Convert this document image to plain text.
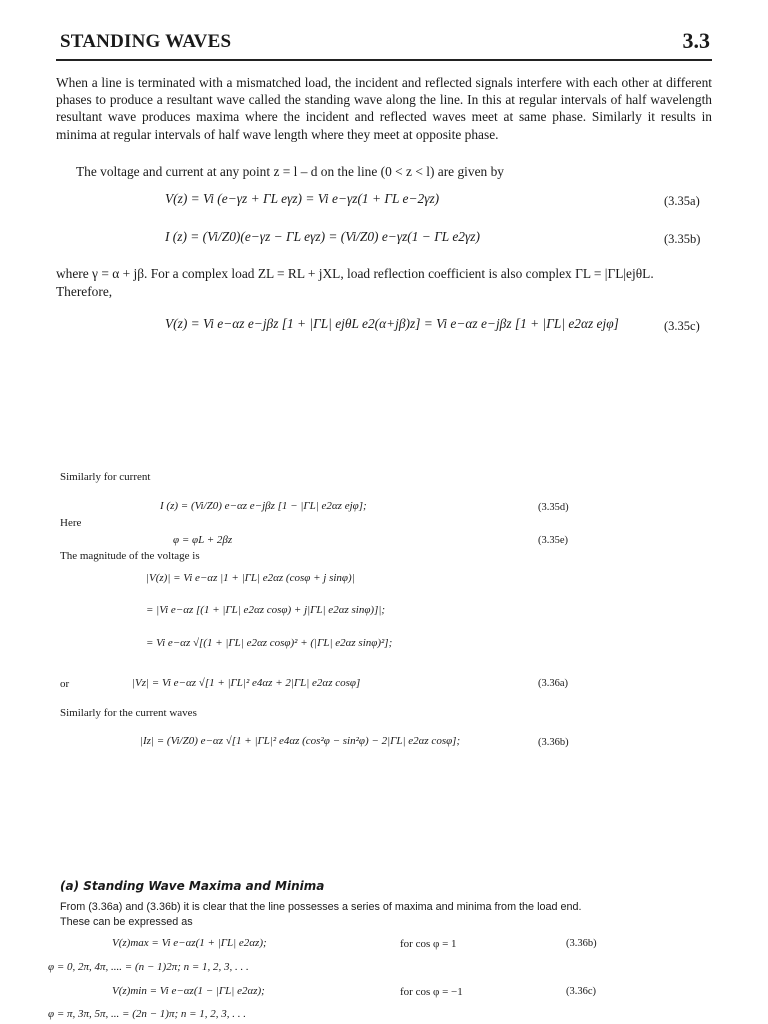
STANDING WAVES	3.3
When a line is terminated with a mismatched load, the incident and reflected signals interfere with each other at different phases to produce a resultant wave called the standing wave along the line. In this at regular intervals of half wavelength resultant wave produces maxima where the incident and reflected waves meet at same phase. Similarly it results in minima at regular intervals of half wave length where they meet at opposite phase.
The voltage and current at any point z = l – d on the line (0 < z < l) are given by
V(z) = Vi (e−γz + ΓL eγz) = Vi e−γz(1 + ΓL e−2γz)	(3.35a)
I (z) = (Vi/Z0)(e−γz − ΓL eγz) = (Vi/Z0) e−γz(1 − ΓL e2γz)	(3.35b)
where γ = α + jβ. For a complex load ZL = RL + jXL, load reflection coefficient is also complex ΓL = |ΓL|ejθL.
Therefore,
V(z) = Vi e−αz e−jβz [1 + |ΓL| ejθL e2(α+jβ)z] = Vi e−αz e−jβz [1 + |ΓL| e2αz ejφ]	(3.35c)
Similarly for current
I (z) = (Vi/Z0) e−αz e−jβz [1 − |ΓL| e2αz ejφ];	(3.35d)
Here
φ = φL + 2βz	(3.35e)
The magnitude of the voltage is
|V(z)| = Vi e−αz |1 + |ΓL| e2αz (cosφ + j sinφ)|
= |Vi e−αz [(1 + |ΓL| e2αz cosφ) + j|ΓL| e2αz sinφ)]|;
= Vi e−αz √[(1 + |ΓL| e2αz cosφ)² + (|ΓL| e2αz sinφ)²];
or	|Vz| = Vi e−αz √[1 + |ΓL|² e4αz + 2|ΓL| e2αz cosφ]	(3.36a)
Similarly for the current waves
|Iz| = (Vi/Z0) e−αz √[1 + |ΓL|² e4αz (cos²φ − sin²φ) − 2|ΓL| e2αz cosφ];	(3.36b)
(a) Standing Wave Maxima and Minima
From (3.36a) and (3.36b) it is clear that the line possesses a series of maxima and minima from the load end.
These can be expressed as
V(z)max = Vi e−αz(1 + |ΓL| e2αz);	for cos φ = 1	(3.36b)
φ = 0, 2π, 4π, .... = (n − 1)2π; n = 1, 2, 3, . . .
V(z)min = Vi e−αz(1 − |ΓL| e2αz);	for cos φ = −1	(3.36c)
φ = π, 3π, 5π, ... = (2n − 1)π; n = 1, 2, 3, . . .
